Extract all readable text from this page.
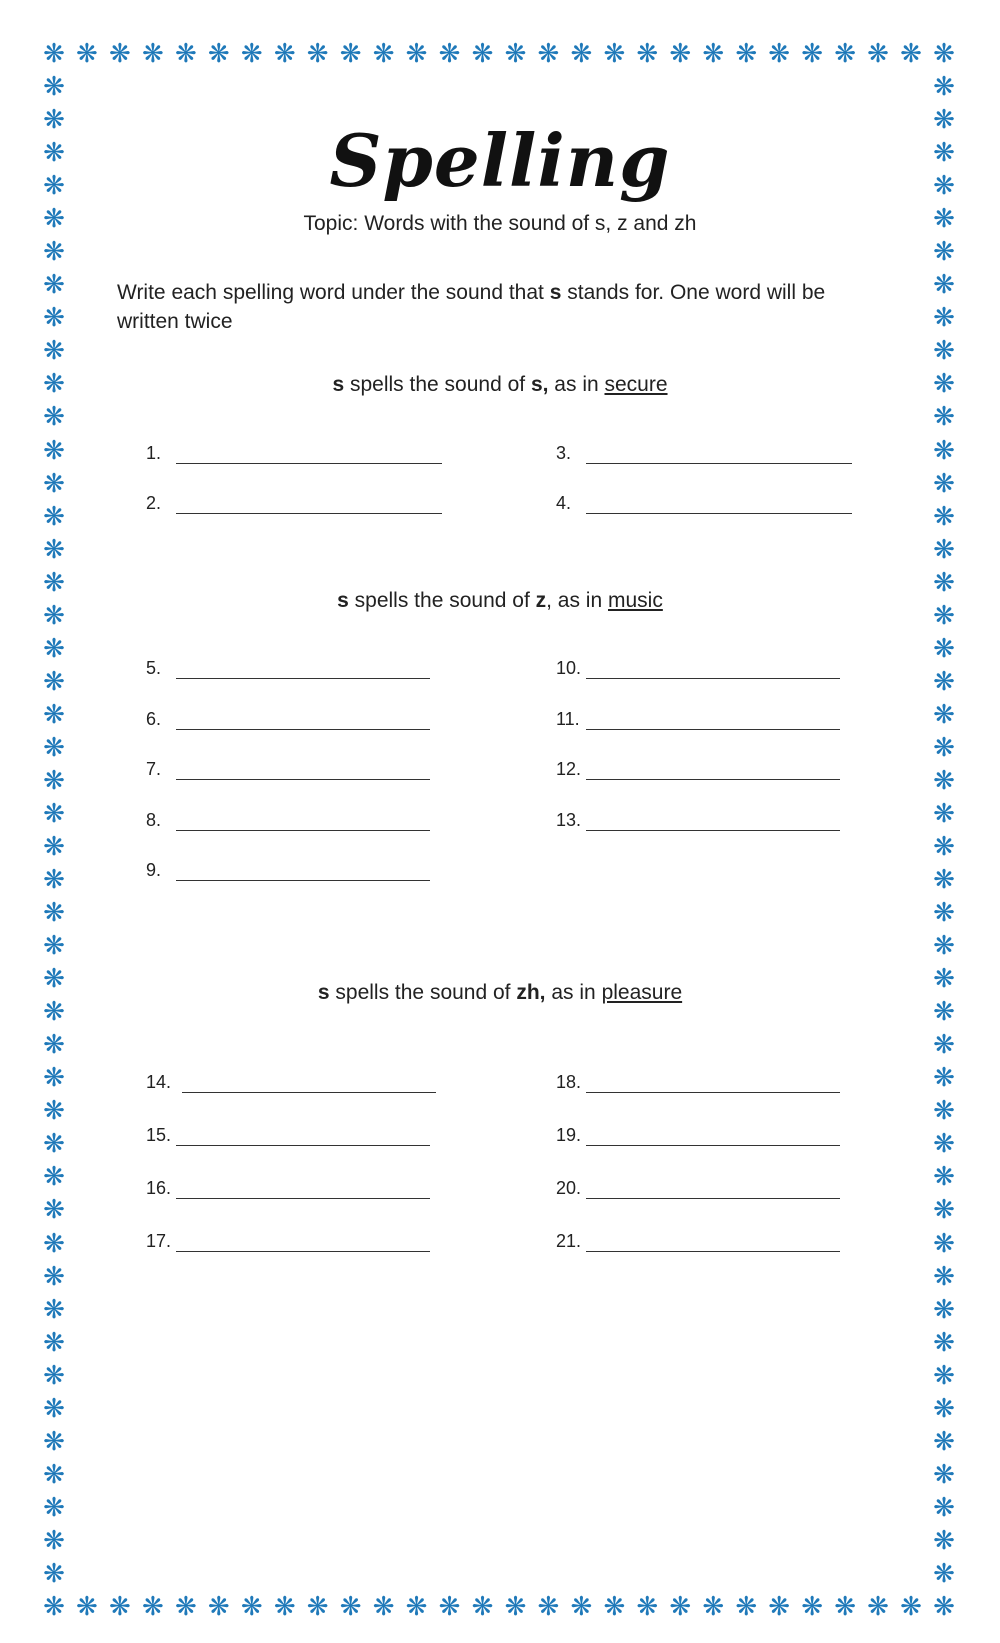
❋
❋
❋
❋
❋
❋
❋
❋
❋
❋
❋
❋
❋
❋
❋
❋
❋
❋
❋
❋
❋
❋
❋
❋
❋
❋
❋
❋
❋
❋
❋
❋
❋
❋
❋
❋
❋
❋
❋
❋
❋
❋
❋
❋
❋
❋
❋
❋
❋
❋
❋
❋
❋
❋
❋
❋
❋	❋
❋	❋
❋	❋
❋	❋
❋	❋
❋	❋
❋	❋
❋	❋
❋	❋
❋	❋
❋	❋
❋	❋
❋	❋
❋	❋
❋	❋
❋	❋
❋	❋
❋	❋
❋	❋
❋	❋
❋	❋
❋	❋
❋	❋
❋	❋
❋	❋
❋	❋
❋	❋
❋	❋
❋	❋
❋	❋
❋	❋
❋	❋
❋	❋
❋	❋
❋	❋
❋	❋
❋	❋
❋	❋
❋	❋
❋	❋
❋	❋
❋	❋
❋	❋
❋	❋
❋	❋
❋	❋
Spelling
Topic: Words with the sound of s, z and zh
Write each spelling word under the sound that s stands for. One word will be written twice
s spells the sound of s, as in secure
1.
2.
3.
4.
s spells the sound of z, as in music
5.
6.
7.
8.
9.
10.
11.
12.
13.
s spells the sound of zh, as in pleasure
14.
15.
16.
17.
18.
19.
20.
21.
